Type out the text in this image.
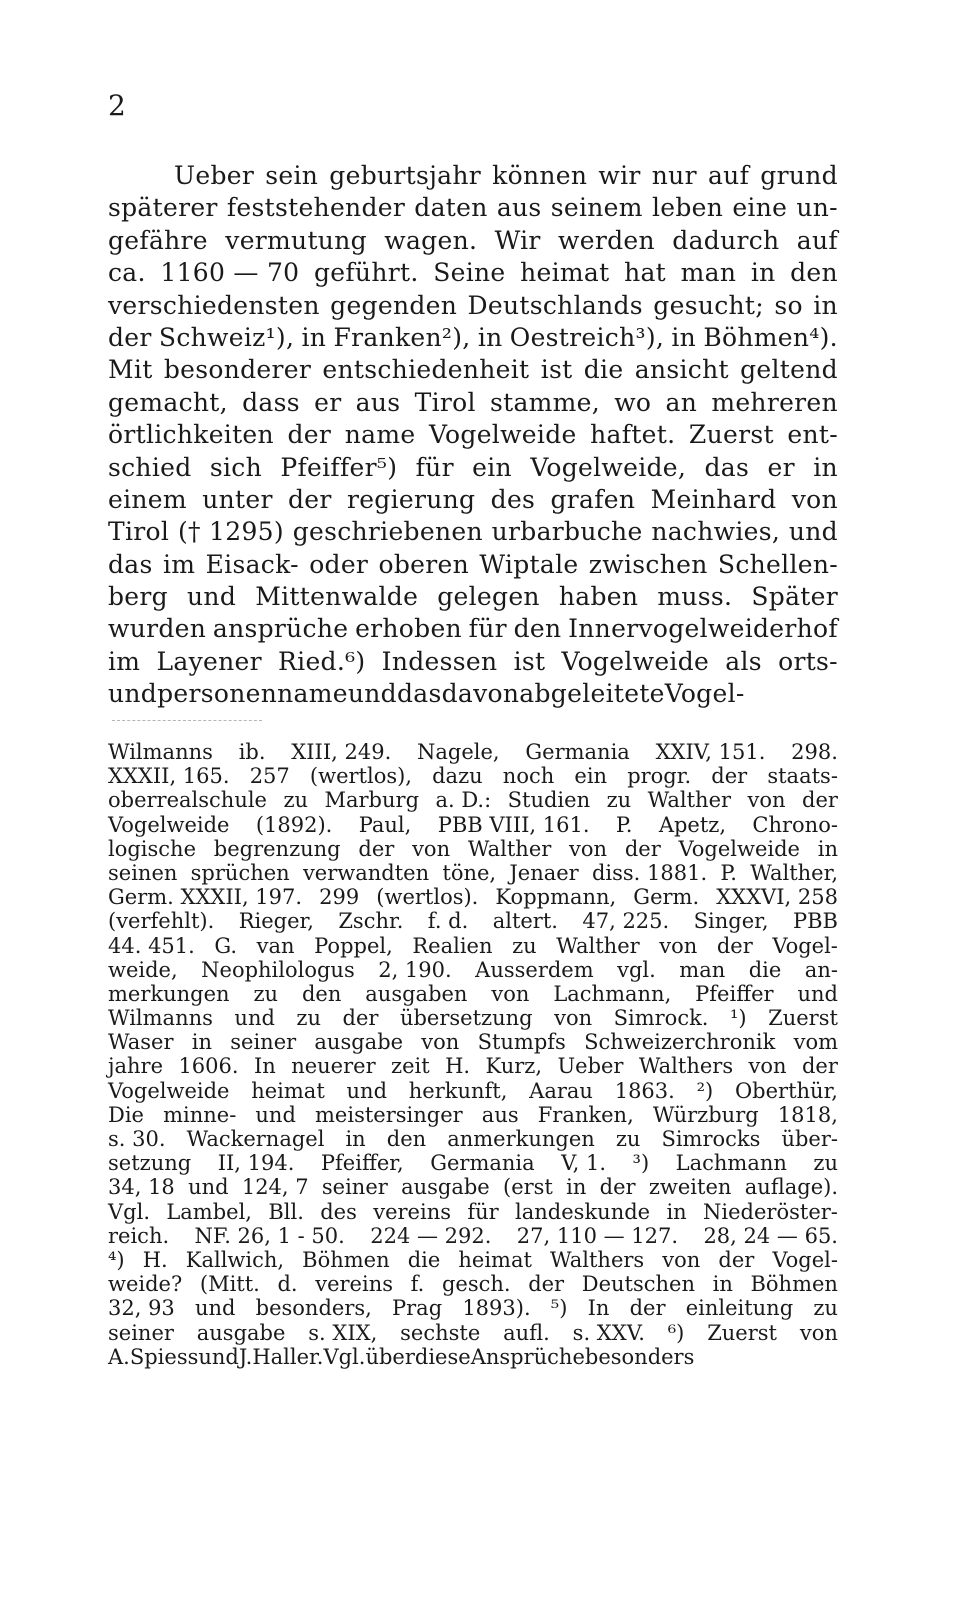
2
Ueber sein geburtsjahr können wir nur auf grund
späterer feststehender daten aus seinem leben eine un-
gefähre vermutung wagen. Wir werden dadurch auf
ca. 1160 — 70 geführt. Seine heimat hat man in den
verschiedensten gegenden Deutschlands gesucht; so in
der Schweiz¹), in Franken²), in Oestreich³), in Böhmen⁴).
Mit besonderer entschiedenheit ist die ansicht geltend
gemacht, dass er aus Tirol stamme, wo an mehreren
örtlichkeiten der name Vogelweide haftet. Zuerst ent-
schied sich Pfeiffer⁵) für ein Vogelweide, das er in
einem unter der regierung des grafen Meinhard von
Tirol († 1295) geschriebenen urbarbuche nachwies, und
das im Eisack- oder oberen Wiptale zwischen Schellen-
berg und Mittenwalde gelegen haben muss. Später
wurden ansprüche erhoben für den Innervogelweiderhof
im Layener Ried.⁶) Indessen ist Vogelweide als orts-
und personenname und das davon abgeleitete Vogel-
Wilmanns ib. XIII, 249. Nagele, Germania XXIV, 151. 298.
XXXII, 165. 257 (wertlos), dazu noch ein progr. der staats-
oberrealschule zu Marburg a. D.: Studien zu Walther von der
Vogelweide (1892). Paul, PBB VIII, 161. P. Apetz, Chrono-
logische begrenzung der von Walther von der Vogelweide in
seinen sprüchen verwandten töne, Jenaer diss. 1881. P. Walther,
Germ. XXXII, 197. 299 (wertlos). Koppmann, Germ. XXXVI, 258
(verfehlt). Rieger, Zschr. f. d. altert. 47, 225. Singer, PBB
44. 451. G. van Poppel, Realien zu Walther von der Vogel-
weide, Neophilologus 2, 190. Ausserdem vgl. man die an-
merkungen zu den ausgaben von Lachmann, Pfeiffer und
Wilmanns und zu der übersetzung von Simrock. ¹) Zuerst
Waser in seiner ausgabe von Stumpfs Schweizerchronik vom
jahre 1606. In neuerer zeit H. Kurz, Ueber Walthers von der
Vogelweide heimat und herkunft, Aarau 1863. ²) Oberthür,
Die minne- und meistersinger aus Franken, Würzburg 1818,
s. 30. Wackernagel in den anmerkungen zu Simrocks über-
setzung II, 194. Pfeiffer, Germania V, 1. ³) Lachmann zu
34, 18 und 124, 7 seiner ausgabe (erst in der zweiten auflage).
Vgl. Lambel, Bll. des vereins für landeskunde in Niederöster-
reich. NF. 26, 1 - 50. 224 — 292. 27, 110 — 127. 28, 24 — 65.
⁴) H. Kallwich, Böhmen die heimat Walthers von der Vogel-
weide? (Mitt. d. vereins f. gesch. der Deutschen in Böhmen
32, 93 und besonders, Prag 1893). ⁵) In der einleitung zu
seiner ausgabe s. XIX, sechste aufl. s. XXV. ⁶) Zuerst von
A. Spiess und J. Haller. Vgl. über diese Ansprüche besonders
